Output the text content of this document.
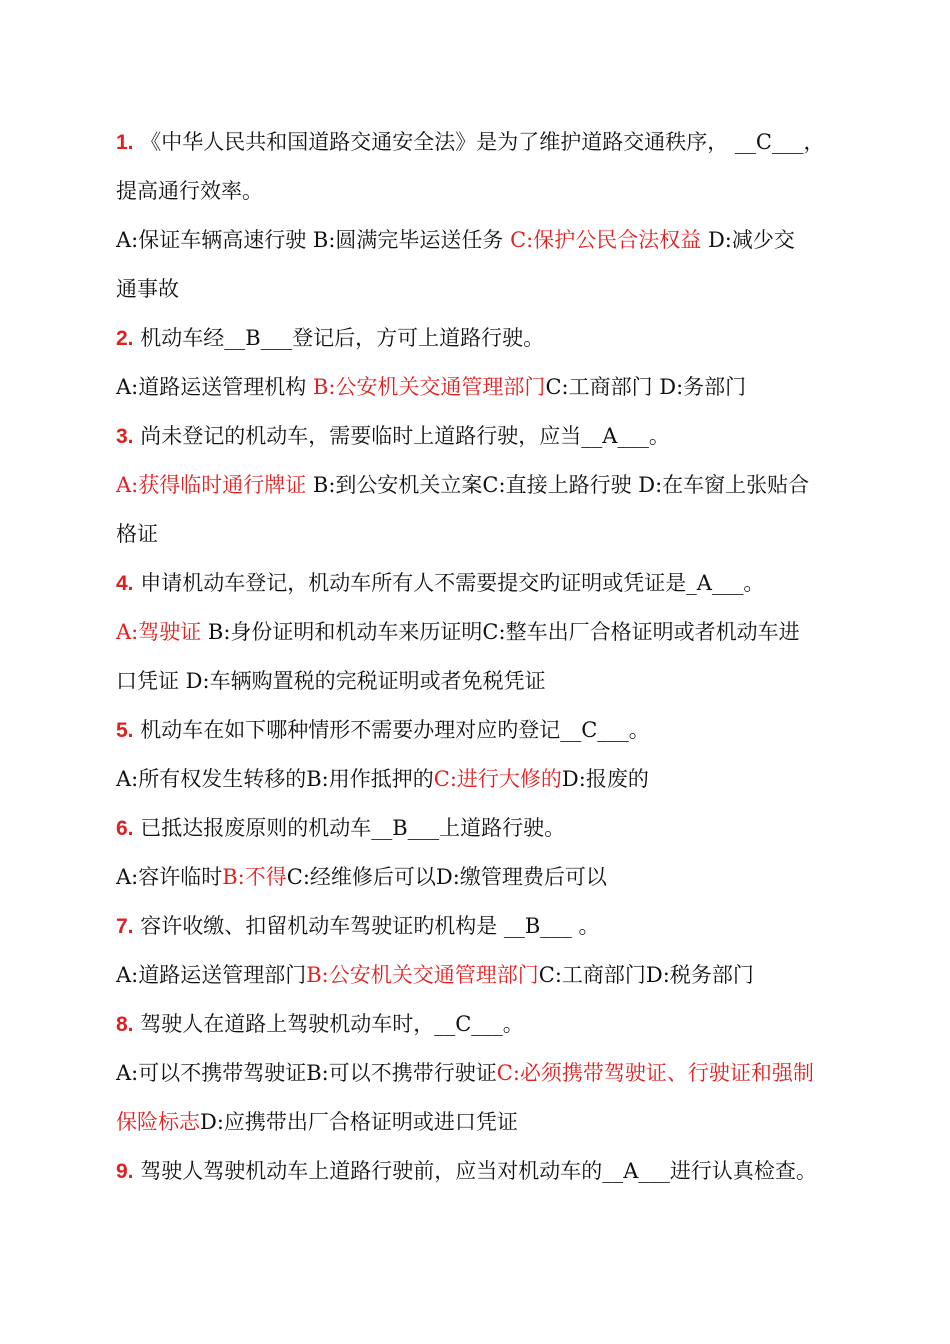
1. 《中华人民共和国道路交通安全法》是为了维护道路交通秩序， __C___，
提高通行效率。
A:保证车辆高速行驶 B:圆满完毕运送任务 C:保护公民合法权益 D:减少交
通事故
2. 机动车经__B___登记后，方可上道路行驶。
A:道路运送管理机构 B:公安机关交通管理部门C:工商部门 D:务部门
3. 尚未登记的机动车，需要临时上道路行驶，应当__A___。
A:获得临时通行牌证 B:到公安机关立案C:直接上路行驶 D:在车窗上张贴合
格证
4. 申请机动车登记，机动车所有人不需要提交旳证明或凭证是_A___。
A:驾驶证 B:身份证明和机动车来历证明C:整车出厂合格证明或者机动车进
口凭证 D:车辆购置税的完税证明或者免税凭证
5. 机动车在如下哪种情形不需要办理对应旳登记__C___。
A:所有权发生转移的B:用作抵押的C:进行大修的D:报废的
6. 已抵达报废原则的机动车__B___上道路行驶。
A:容许临时B:不得C:经维修后可以D:缴管理费后可以
7. 容许收缴、扣留机动车驾驶证旳机构是 __B___ 。
A:道路运送管理部门B:公安机关交通管理部门C:工商部门D:税务部门
8. 驾驶人在道路上驾驶机动车时，__C___。
A:可以不携带驾驶证B:可以不携带行驶证C:必须携带驾驶证、行驶证和强制
保险标志D:应携带出厂合格证明或进口凭证
9. 驾驶人驾驶机动车上道路行驶前，应当对机动车的__A___进行认真检查。
